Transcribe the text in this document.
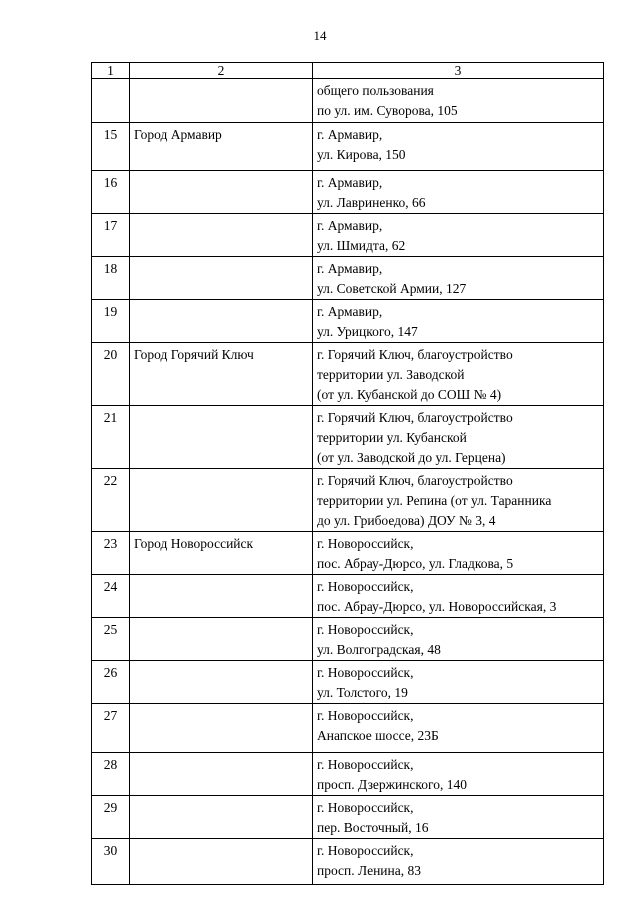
14
1	2	3

		общего пользования
по ул. им. Суворова, 105

15	Город Армавир	г. Армавир,
ул. Кирова, 150

16		г. Армавир,
ул. Лавриненко, 66

17		г. Армавир,
ул. Шмидта, 62

18		г. Армавир,
ул. Советской Армии, 127

19		г. Армавир,
ул. Урицкого, 147

20	Город Горячий Ключ	г. Горячий Ключ, благоустройство
территории ул. Заводской
(от ул. Кубанской до СОШ № 4)

21		г. Горячий Ключ, благоустройство
территории ул. Кубанской
(от ул. Заводской до ул. Герцена)

22		г. Горячий Ключ, благоустройство
территории ул. Репина (от ул. Таранника
до ул. Грибоедова) ДОУ № 3, 4

23	Город Новороссийск	г. Новороссийск,
пос. Абрау-Дюрсо, ул. Гладкова, 5

24		г. Новороссийск,
пос. Абрау-Дюрсо, ул. Новороссийская, 3

25		г. Новороссийск,
ул. Волгоградская, 48

26		г. Новороссийск,
ул. Толстого, 19

27		г. Новороссийск,
Анапское шоссе, 23Б

28		г. Новороссийск,
просп. Дзержинского, 140

29		г. Новороссийск,
пер. Восточный, 16

30		г. Новороссийск,
просп. Ленина, 83
